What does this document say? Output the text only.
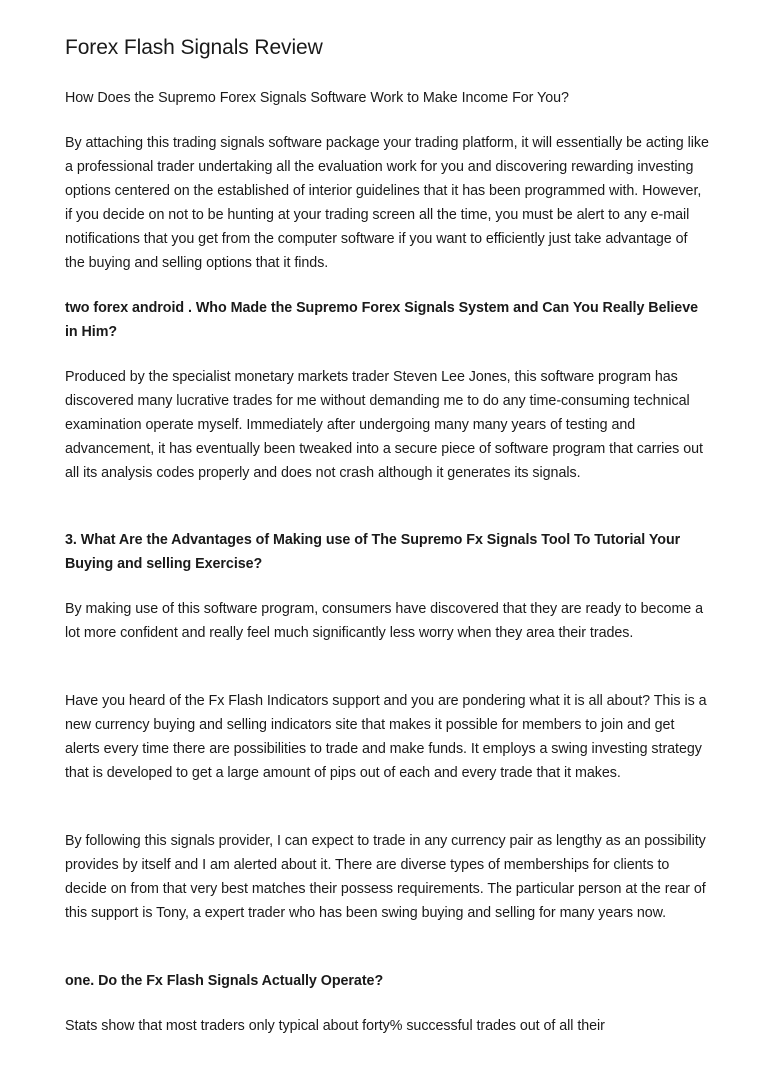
Forex Flash Signals Review

How Does the Supremo Forex Signals Software Work to Make Income For You?

By attaching this trading signals software package your trading platform, it will essentially be acting like a professional trader undertaking all the evaluation work for you and discovering rewarding investing options centered on the established of interior guidelines that it has been programmed with. However, if you decide on not to be hunting at your trading screen all the time, you must be alert to any e-mail notifications that you get from the computer software if you want to efficiently just take advantage of the buying and selling options that it finds.

two forex android . Who Made the Supremo Forex Signals System and Can You Really Believe in Him?

Produced by the specialist monetary markets trader Steven Lee Jones, this software program has discovered many lucrative trades for me without demanding me to do any time-consuming technical examination operate myself. Immediately after undergoing many many years of testing and advancement, it has eventually been tweaked into a secure piece of software program that carries out all its analysis codes properly and does not crash although it generates its signals.

3. What Are the Advantages of Making use of The Supremo Fx Signals Tool To Tutorial Your Buying and selling Exercise?

By making use of this software program, consumers have discovered that they are ready to become a lot more confident and really feel much significantly less worry when they area their trades.

Have you heard of the Fx Flash Indicators support and you are pondering what it is all about? This is a new currency buying and selling indicators site that makes it possible for members to join and get alerts every time there are possibilities to trade and make funds. It employs a swing investing strategy that is developed to get a large amount of pips out of each and every trade that it makes.

By following this signals provider, I can expect to trade in any currency pair as lengthy as an possibility provides by itself and I am alerted about it. There are diverse types of memberships for clients to decide on from that very best matches their possess requirements. The particular person at the rear of this support is Tony, a expert trader who has been swing buying and selling for many years now.

one. Do the Fx Flash Signals Actually Operate?

Stats show that most traders only typical about forty% successful trades out of all their
